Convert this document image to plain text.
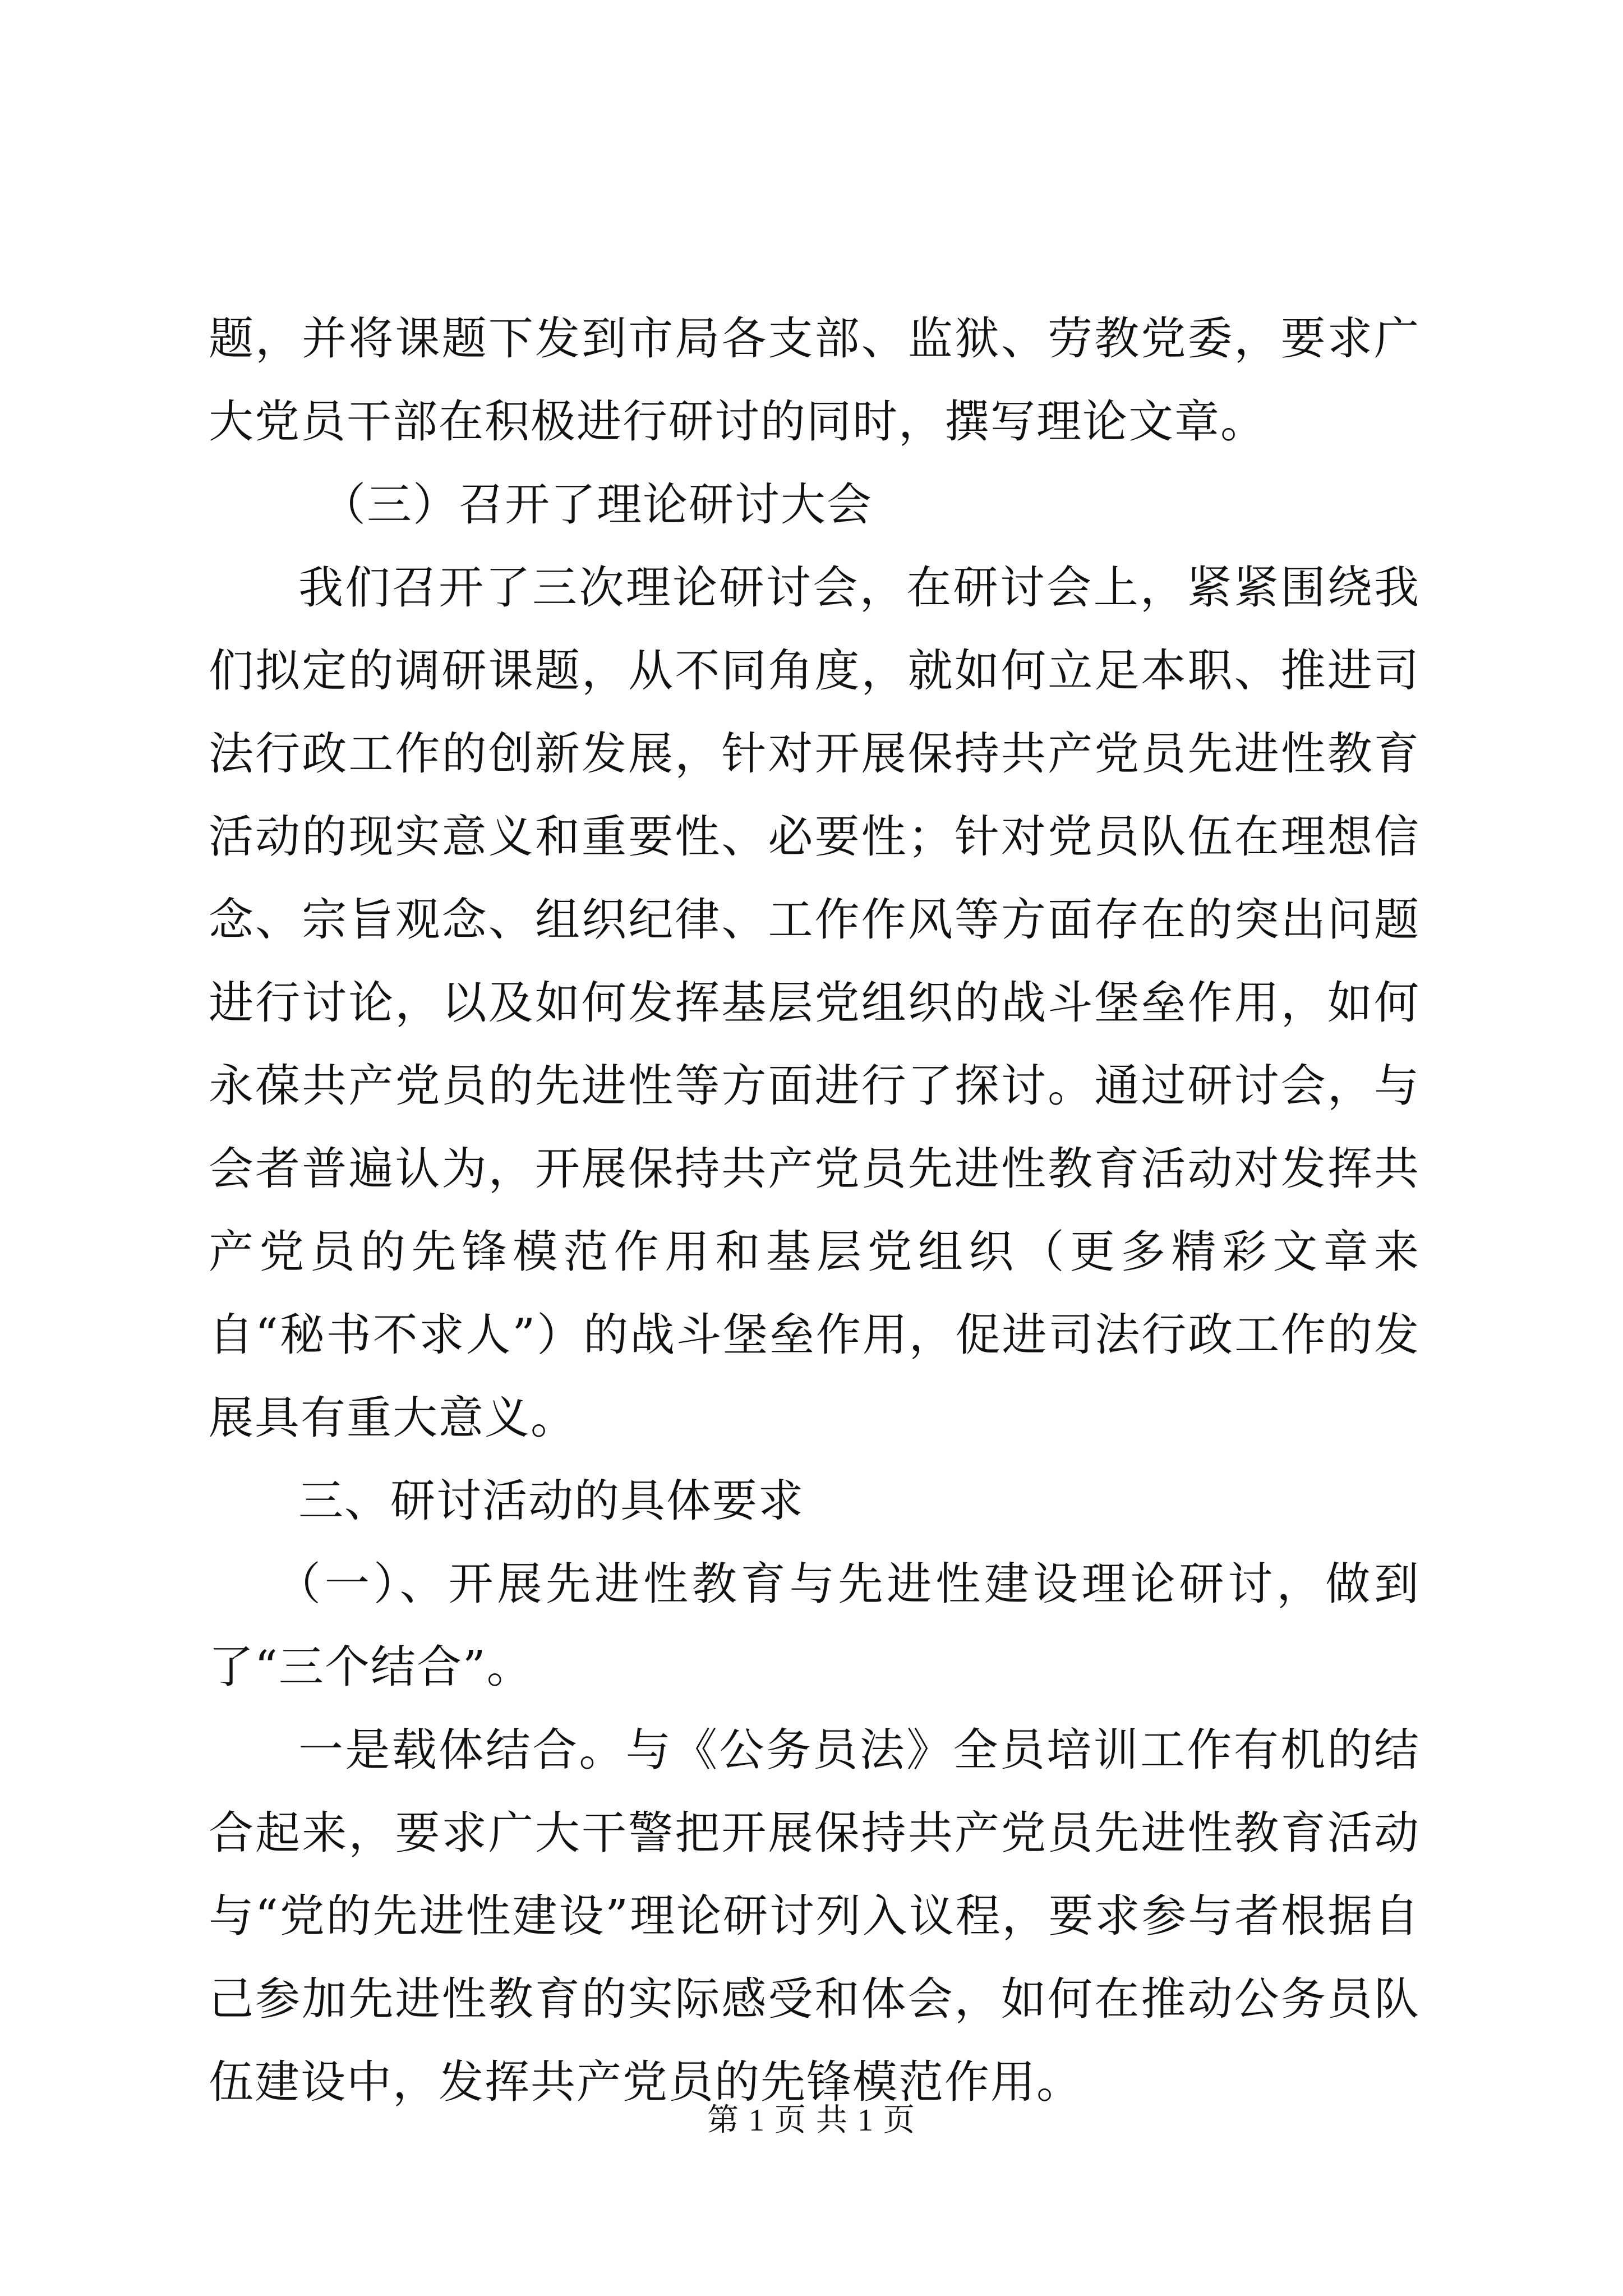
题，并将课题下发到市局各支部、监狱、劳教党委，要求广大党员干部在积极进行研讨的同时，撰写理论文章。

（三）召开了理论研讨大会

我们召开了三次理论研讨会，在研讨会上，紧紧围绕我们拟定的调研课题，从不同角度，就如何立足本职、推进司法行政工作的创新发展，针对开展保持共产党员先进性教育活动的现实意义和重要性、必要性；针对党员队伍在理想信念、宗旨观念、组织纪律、工作作风等方面存在的突出问题进行讨论，以及如何发挥基层党组织的战斗堡垒作用，如何永葆共产党员的先进性等方面进行了探讨。通过研讨会，与会者普遍认为，开展保持共产党员先进性教育活动对发挥共产党员的先锋模范作用和基层党组织（更多精彩文章来自“秘书不求人”）的战斗堡垒作用，促进司法行政工作的发展具有重大意义。

三、研讨活动的具体要求

（一）、开展先进性教育与先进性建设理论研讨，做到了“三个结合”。

一是载体结合。与《公务员法》全员培训工作有机的结合起来，要求广大干警把开展保持共产党员先进性教育活动与“党的先进性建设”理论研讨列入议程，要求参与者根据自己参加先进性教育的实际感受和体会，如何在推动公务员队伍建设中，发挥共产党员的先锋模范作用。

第 1 页 共 1 页
